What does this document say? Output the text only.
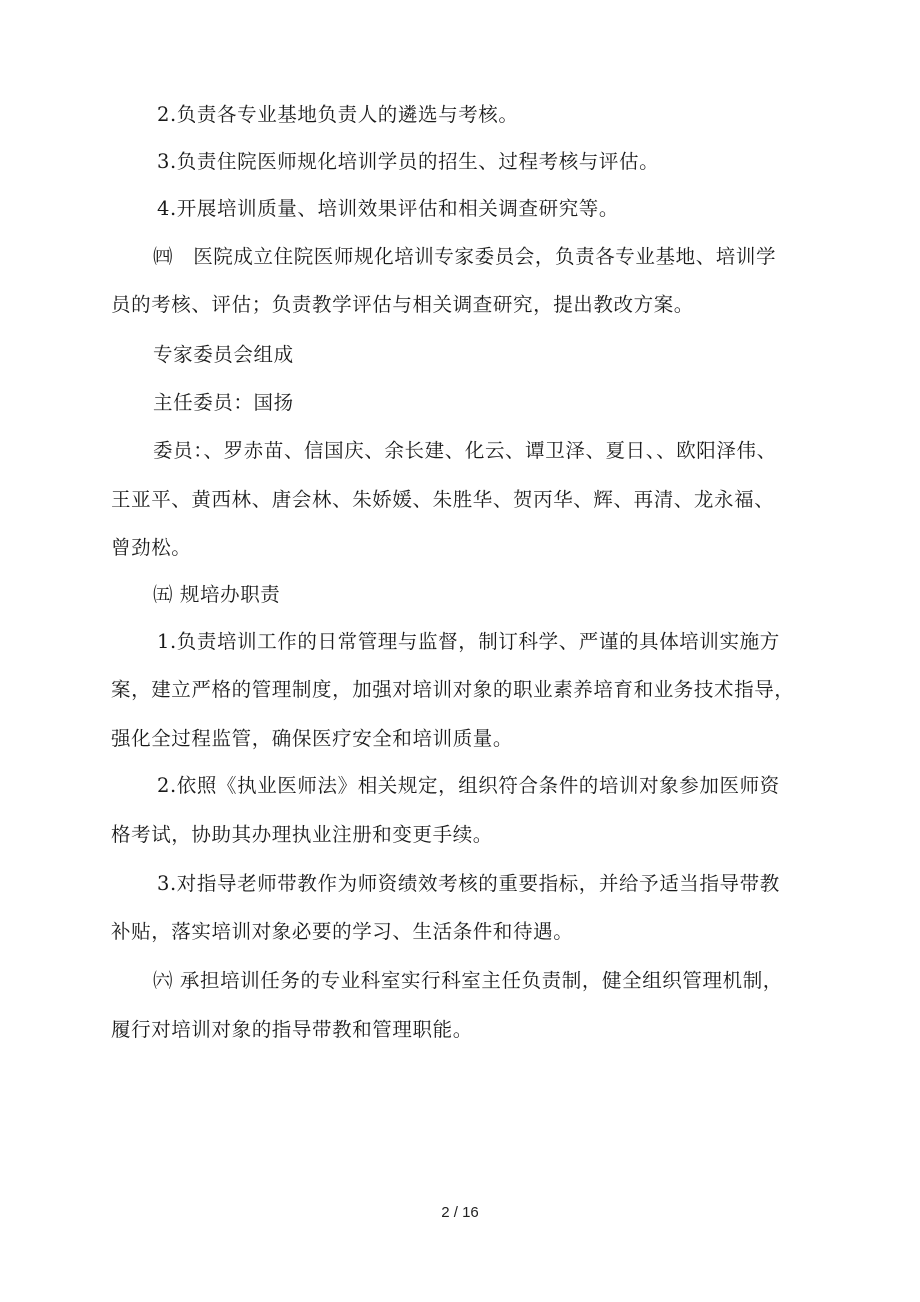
2.负责各专业基地负责人的遴选与考核。
3.负责住院医师规化培训学员的招生、过程考核与评估。
4.开展培训质量、培训效果评估和相关调查研究等。
㈣　医院成立住院医师规化培训专家委员会，负责各专业基地、培训学
员的考核、评估；负责教学评估与相关调查研究，提出教改方案。
专家委员会组成
主任委员：国扬
委员：、罗赤苗、信国庆、余长建、化云、谭卫泽、夏日、、欧阳泽伟、
王亚平、黄西林、唐会林、朱娇媛、朱胜华、贺丙华、辉、再清、龙永福、
曾劲松。
㈤ 规培办职责
1.负责培训工作的日常管理与监督，制订科学、严谨的具体培训实施方
案，建立严格的管理制度，加强对培训对象的职业素养培育和业务技术指导，
强化全过程监管，确保医疗安全和培训质量。
2.依照《执业医师法》相关规定，组织符合条件的培训对象参加医师资
格考试，协助其办理执业注册和变更手续。
3.对指导老师带教作为师资绩效考核的重要指标，并给予适当指导带教
补贴，落实培训对象必要的学习、生活条件和待遇。
㈥ 承担培训任务的专业科室实行科室主任负责制，健全组织管理机制，
履行对培训对象的指导带教和管理职能。
2 / 16
